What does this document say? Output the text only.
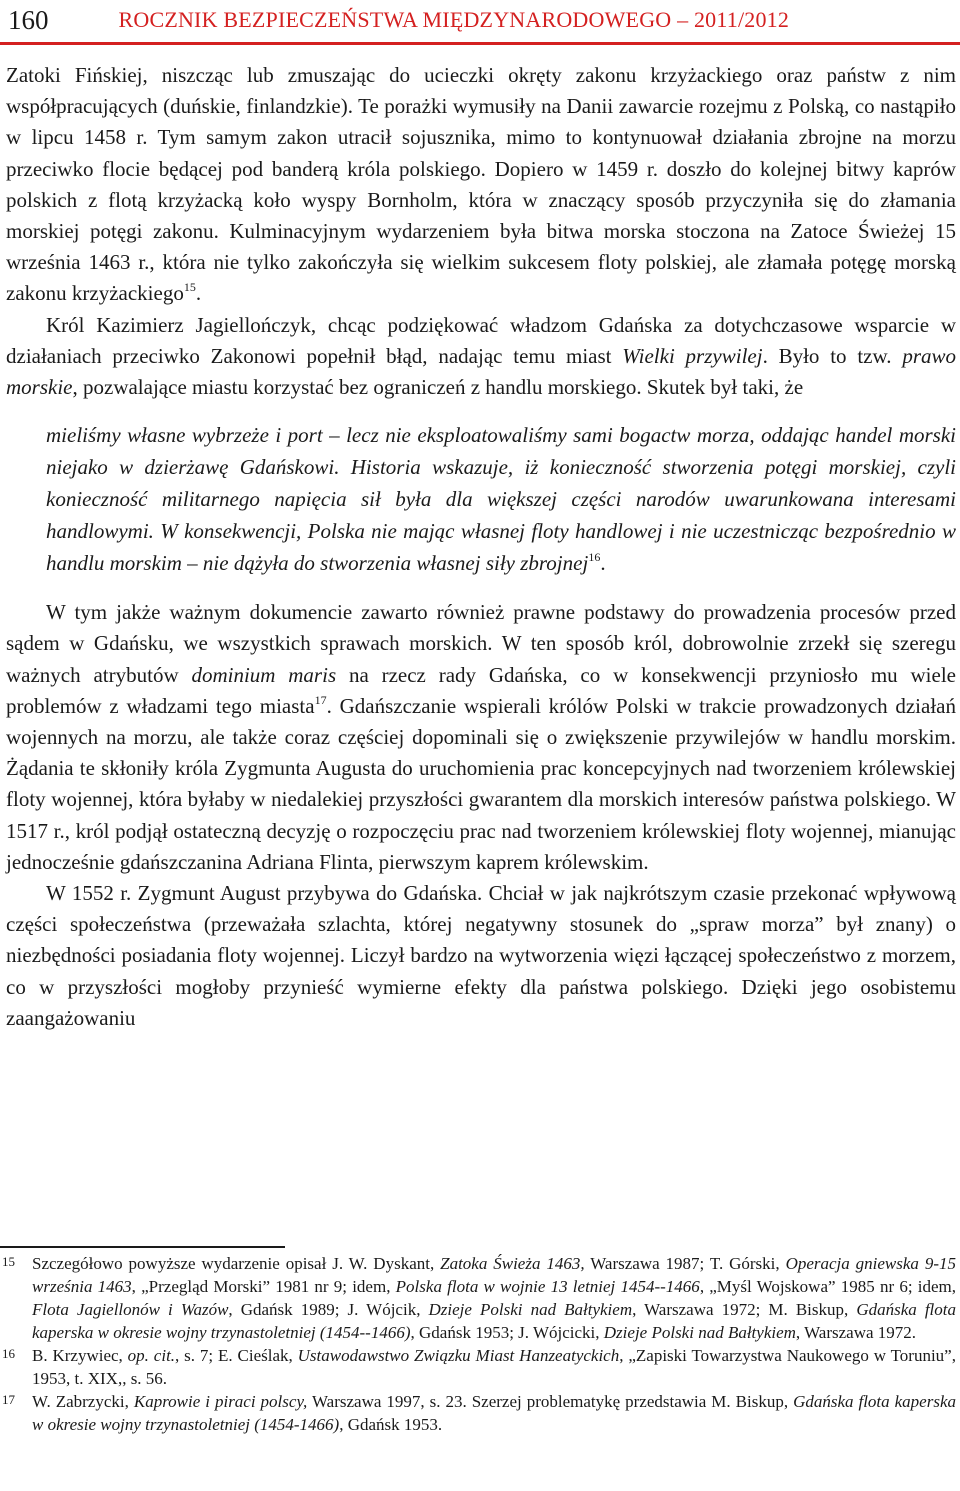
160	ROCZNIK BEZPIECZEŃSTWA MIĘDZYNARODOWEGO – 2011/2012

Zatoki Fińskiej, niszcząc lub zmuszając do ucieczki okręty zakonu krzyżackiego oraz państw z nim współpracujących (duńskie, finlandzkie). Te porażki wymusiły na Danii zawarcie rozejmu z Polską, co nastąpiło w lipcu 1458 r. Tym samym zakon utracił sojusznika, mimo to kontynuował działania zbrojne na morzu przeciwko flocie będącej pod banderą króla polskiego. Dopiero w 1459 r. doszło do kolejnej bitwy kaprów polskich z flotą krzyżacką koło wyspy Bornholm, która w znaczący sposób przyczyniła się do złamania morskiej potęgi zakonu. Kulminacyjnym wydarzeniem była bitwa morska stoczona na Zatoce Świeżej 15 września 1463 r., która nie tylko zakończyła się wielkim sukcesem floty polskiej, ale złamała potęgę morską zakonu krzyżackiego$^{15}$.

Król Kazimierz Jagiellończyk, chcąc podziękować władzom Gdańska za dotychczasowe wsparcie w działaniach przeciwko Zakonowi popełnił błąd, nadając temu miast Wielki przywilej. Było to tzw. prawo morskie, pozwalające miastu korzystać bez ograniczeń z handlu morskiego. Skutek był taki, że

mieliśmy własne wybrzeże i port – lecz nie eksploatowaliśmy sami bogactw morza, oddając handel morski niejako w dzierżawę Gdańskowi. Historia wskazuje, iż konieczność stworzenia potęgi morskiej, czyli konieczność militarnego napięcia sił była dla większej części narodów uwarunkowana interesami handlowymi. W konsekwencji, Polska nie mając własnej floty handlowej i nie uczestnicząc bezpośrednio w handlu morskim – nie dążyła do stworzenia własnej siły zbrojnej$^{16}$.

W tym jakże ważnym dokumencie zawarto również prawne podstawy do prowadzenia procesów przed sądem w Gdańsku, we wszystkich sprawach morskich. W ten sposób król, dobrowolnie zrzekł się szeregu ważnych atrybutów dominium maris na rzecz rady Gdańska, co w konsekwencji przyniosło mu wiele problemów z władzami tego miasta$^{17}$. Gdańszczanie wspierali królów Polski w trakcie prowadzonych działań wojennych na morzu, ale także coraz częściej dopominali się o zwiększenie przywilejów w handlu morskim. Żądania te skłoniły króla Zygmunta Augusta do uruchomienia prac koncepcyjnych nad tworzeniem królewskiej floty wojennej, która byłaby w niedalekiej przyszłości gwarantem dla morskich interesów państwa polskiego. W 1517 r., król podjął ostateczną decyzję o rozpoczęciu prac nad tworzeniem królewskiej floty wojennej, mianując jednocześnie gdańszczanina Adriana Flinta, pierwszym kaprem królewskim.

W 1552 r. Zygmunt August przybywa do Gdańska. Chciał w jak najkrótszym czasie przekonać wpływową części społeczeństwa (przeważała szlachta, której negatywny stosunek do „spraw morza” był znany) o niezbędności posiadania floty wojennej. Liczył bardzo na wytworzenia więzi łączącej społeczeństwo z morzem, co w przyszłości mogłoby przynieść wymierne efekty dla państwa polskiego. Dzięki jego osobistemu zaangażowaniu

15 Szczegółowo powyższe wydarzenie opisał J. W. Dyskant, Zatoka Świeża 1463, Warszawa 1987; T. Górski, Operacja gniewska 9-15 września 1463, „Przegląd Morski” 1981 nr 9; idem, Polska flota w wojnie 13 letniej 1454--1466, „Myśl Wojskowa” 1985 nr 6; idem, Flota Jagiellonów i Wazów, Gdańsk 1989; J. Wójcik, Dzieje Polski nad Bałtykiem, Warszawa 1972; M. Biskup, Gdańska flota kaperska w okresie wojny trzynastoletniej (1454--1466), Gdańsk 1953; J. Wójcicki, Dzieje Polski nad Bałtykiem, Warszawa 1972.
16 B. Krzywiec, op. cit., s. 7; E. Cieślak, Ustawodawstwo Związku Miast Hanzeatyckich, „Zapiski Towarzystwa Naukowego w Toruniu”, 1953, t. XIX,, s. 56.
17 W. Zabrzycki, Kaprowie i piraci polscy, Warszawa 1997, s. 23. Szerzej problematykę przedstawia M. Biskup, Gdańska flota kaperska w okresie wojny trzynastoletniej (1454-1466), Gdańsk 1953.
